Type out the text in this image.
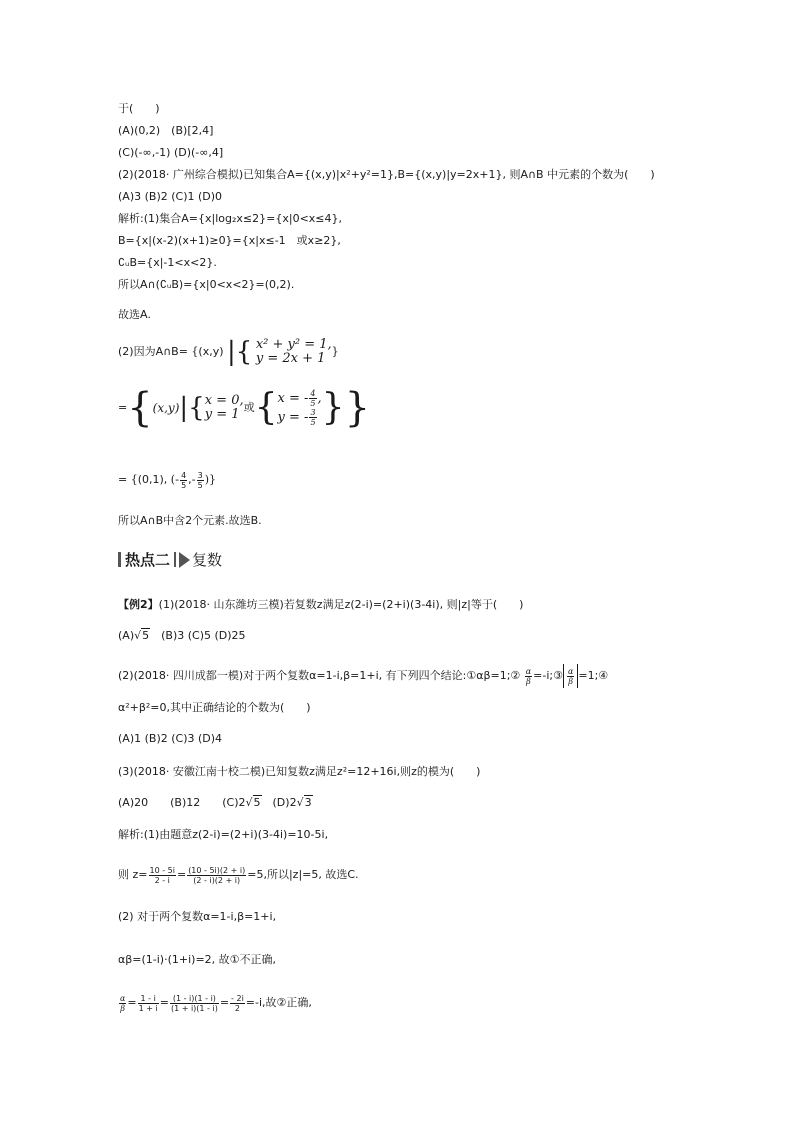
于(　　)
(A)(0,2)　(B)[2,4]
(C)(-∞,-1) (D)(-∞,4]
(2)(2018· 广州综合模拟)已知集合A={(x,y)|x²+y²=1},B={(x,y)|y=2x+1}, 则A∩B 中元素的个数为(　　)
(A)3 (B)2 (C)1 (D)0
解析:(1)集合A={x|log₂x≤2}={x|0<x≤4},
B={x|(x-2)(x+1)≥0}={x|x≤-1　或x≥2},
∁ᵤB={x|-1<x<2}.
所以A∩(∁ᵤB)={x|0<x<2}=(0,2).
故选A.
(2)因为A∩B= {(x,y) |{ x² + y² = 1,
y = 2x + 1 }
={(x,y)|{ x = 0,
y = 1 或{ x = - $\frac{4}{5}$ ,
y = - $\frac{3}{5}$ }}
= {(0,1), (- $\frac{4}{5}$ ,- $\frac{3}{5}$ )}
所以A∩B中含2个元素.故选B.
热点二 复数
【例2】(1)(2018· 山东潍坊三模)若复数z满足z(2-i)=(2+i)(3-4i), 则|z|等于(　　)
(A)√5　(B)3 (C)5 (D)25
(2)(2018· 四川成都一模)对于两个复数α=1-i,β=1+i, 有下列四个结论:①αβ=1;② $\frac{\alpha}{\beta}$ =-i;③ $\frac{\alpha}{\beta}$ =1;④
α²+β²=0,其中正确结论的个数为(　　)
(A)1 (B)2 (C)3 (D)4
(3)(2018· 安徽江南十校二模)已知复数z满足z²=12+16i,则z的模为(　　)
(A)20　　(B)12　　(C)2√5　(D)2√3
解析:(1)由题意z(2-i)=(2+i)(3-4i)=10-5i,
则 $z= \frac{10 - 5i}{2 - i} = \frac{(10 - 5i)(2 + i)}{(2 - i)(2 + i)} =5$,所以|z|=5, 故选C.
(2) 对于两个复数α=1-i,β=1+i,
αβ=(1-i)·(1+i)=2, 故①不正确,
$\frac{\alpha}{\beta} = \frac{1 - i}{1 + i} = \frac{(1 - i)(1 - i)}{(1 + i)(1 - i)} = \frac{- 2i}{2} =-i$,故②正确,
